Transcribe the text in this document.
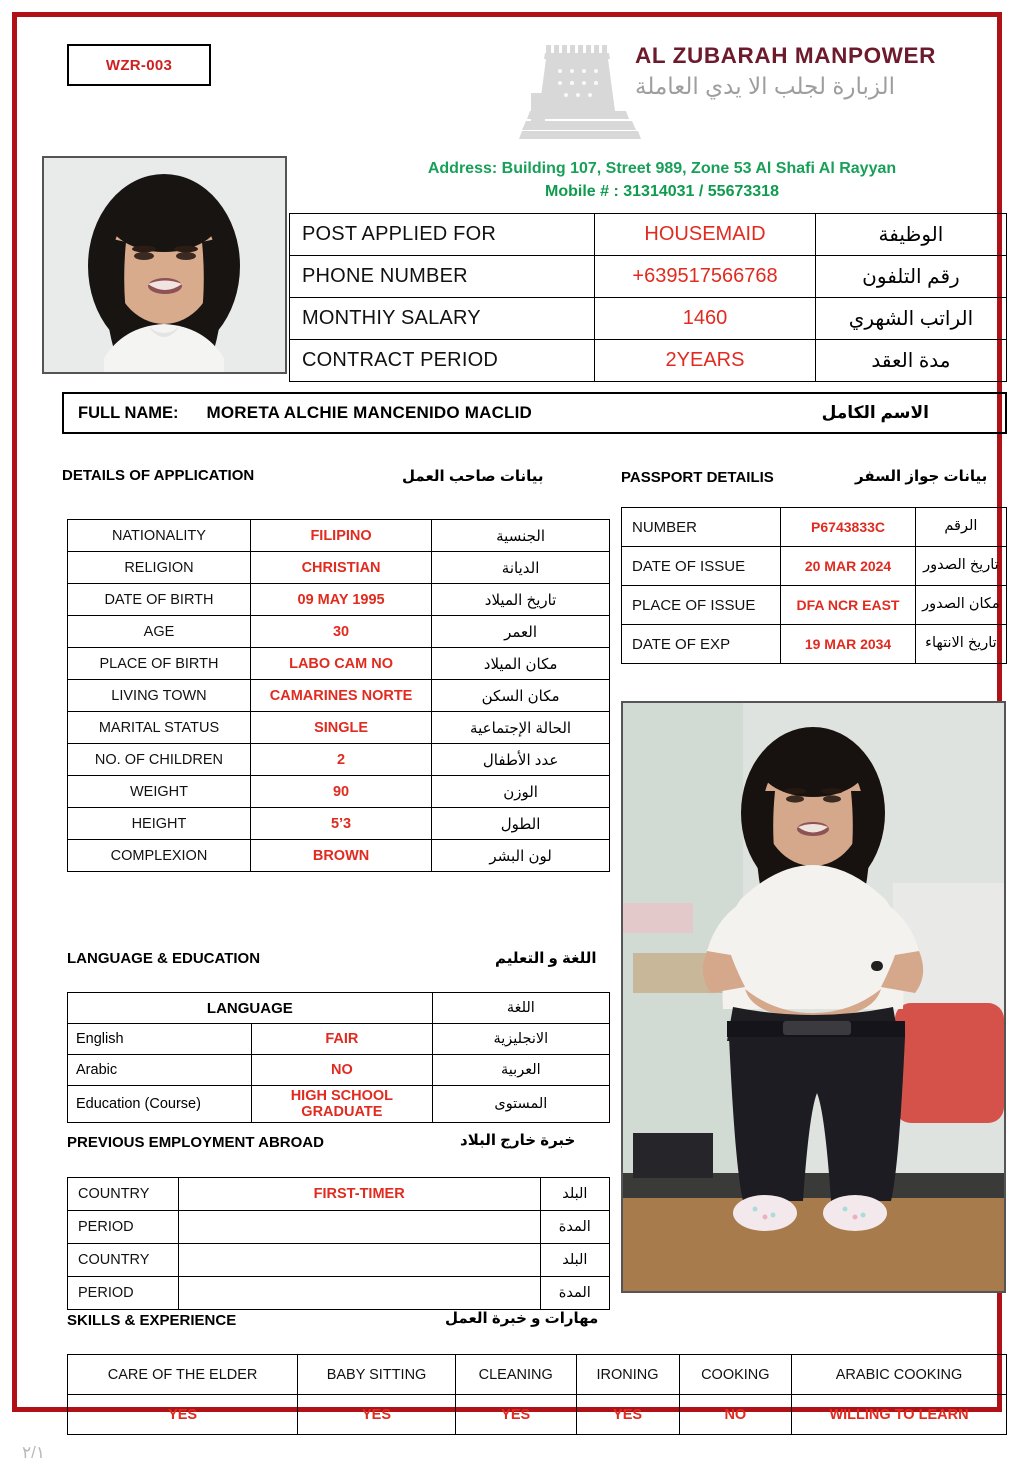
WZR-003	AL ZUBARAH MANPOWER
الزبارة لجلب الا يدي العاملة
Address: Building 107, Street 989, Zone 53 Al Shafi Al Rayyan
Mobile # : 31314031 / 55673318
POST APPLIED FOR	HOUSEMAID	الوظيفة
PHONE NUMBER	+639517566768	رقم التلفون
MONTHIY SALARY	1460	الراتب الشهري
CONTRACT PERIOD	2YEARS	مدة العقد
FULL NAME: MORETA ALCHIE MANCENIDO MACLID	الاسم الكامل
DETAILS OF APPLICATION	بيانات صاحب العمل	PASSPORT DETAILIS	بيانات جواز السفر
NATIONALITY	FILIPINO	الجنسية
RELIGION	CHRISTIAN	الديانة
DATE OF BIRTH	09 MAY 1995	تاريخ الميلاد
AGE	30	العمر
PLACE OF BIRTH	LABO CAM NO	مكان الميلاد
LIVING TOWN	CAMARINES NORTE	مكان السكن
MARITAL STATUS	SINGLE	الحالة الإجتماعية
NO. OF CHILDREN	2	عدد الأطفال
WEIGHT	90	الوزن
HEIGHT	5’3	الطول
COMPLEXION	BROWN	لون البشر
NUMBER	P6743833C	الرقم
DATE OF ISSUE	20 MAR 2024	تاريخ الصدور
PLACE OF ISSUE	DFA NCR EAST	مكان الصدور
DATE OF EXP	19 MAR 2034	تاريخ الانتهاء
LANGUAGE & EDUCATION	اللغة و التعليم
LANGUAGE		اللغة
English	FAIR	الانجليزية
Arabic	NO	العربية
Education (Course)	HIGH SCHOOL GRADUATE	المستوى
PREVIOUS EMPLOYMENT ABROAD	خبرة خارج البلاد
COUNTRY	FIRST-TIMER	البلد
PERIOD		المدة
COUNTRY		البلد
PERIOD		المدة
SKILLS & EXPERIENCE	مهارات و خبرة العمل
CARE OF THE ELDER	BABY SITTING	CLEANING	IRONING	COOKING	ARABIC COOKING
YES	YES	YES	YES	NO	WILLING TO LEARN
٢/١
